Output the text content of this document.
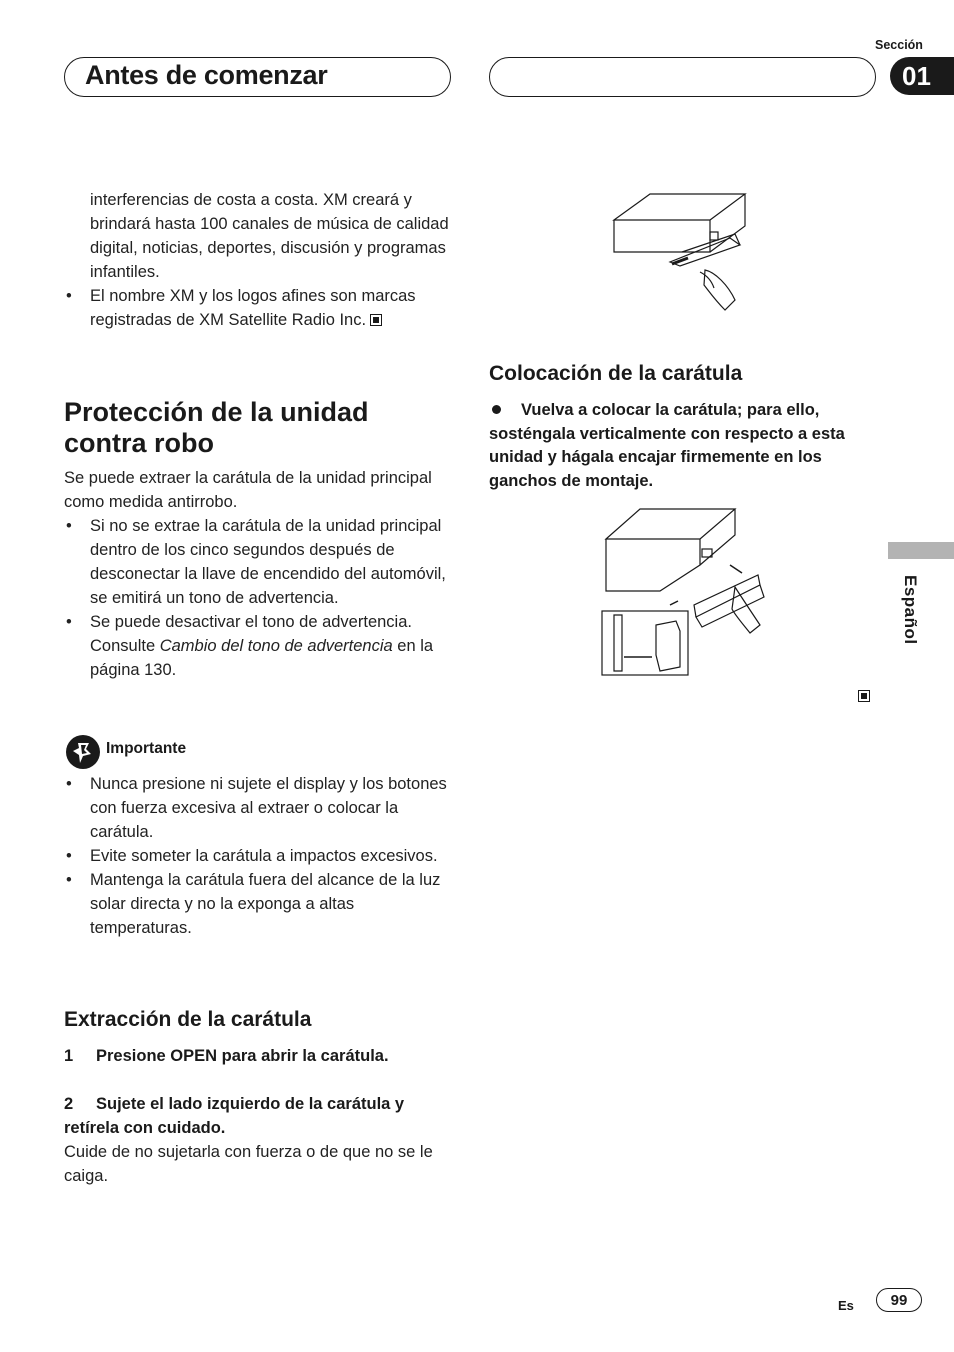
Antes de comenzar
Sección
01
interferencias de costa a costa. XM creará y brindará hasta 100 canales de música de calidad digital, noticias, deportes, discusión y programas infantiles.
• El nombre XM y los logos afines son marcas registradas de XM Satellite Radio Inc.
Protección de la unidad contra robo
Se puede extraer la carátula de la unidad principal como medida antirrobo.
• Si no se extrae la carátula de la unidad principal dentro de los cinco segundos después de desconectar la llave de encendido del automóvil, se emitirá un tono de advertencia.
• Se puede desactivar el tono de advertencia. Consulte Cambio del tono de advertencia en la página 130.
Importante
• Nunca presione ni sujete el display y los botones con fuerza excesiva al extraer o colocar la carátula.
• Evite someter la carátula a impactos excesivos.
• Mantenga la carátula fuera del alcance de la luz solar directa y no la exponga a altas temperaturas.
Extracción de la carátula
1 Presione OPEN para abrir la carátula.
2 Sujete el lado izquierdo de la carátula y retírela con cuidado.
Cuide de no sujetarla con fuerza o de que no se le caiga.
Colocación de la carátula
Vuelva a colocar la carátula; para ello, sosténgala verticalmente con respecto a esta unidad y hágala encajar firmemente en los ganchos de montaje.
Español
Es	99
